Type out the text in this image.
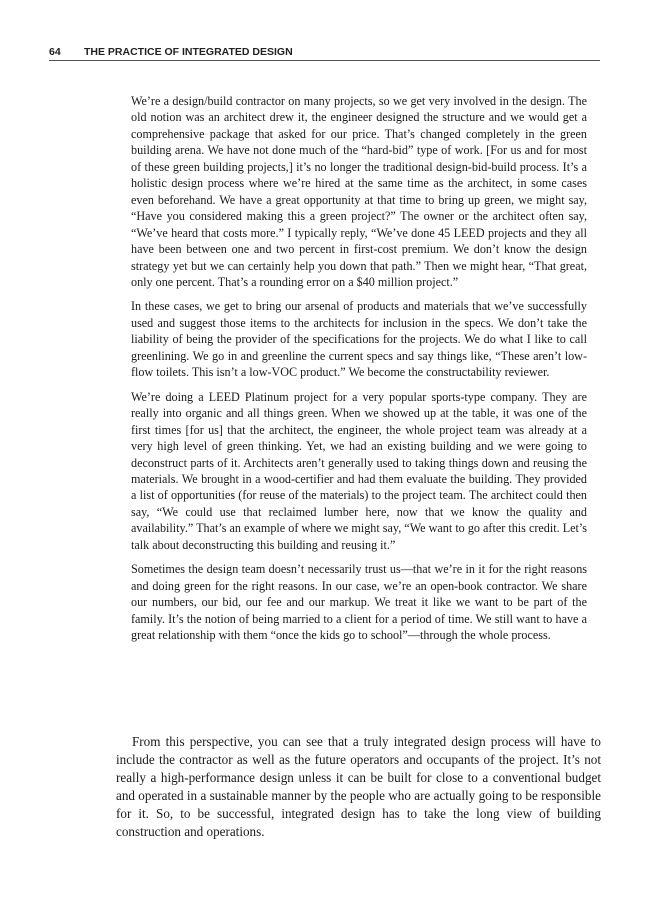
64 THE PRACTICE OF INTEGRATED DESIGN

We’re a design/build contractor on many projects, so we get very involved in the design. The old notion was an architect drew it, the engineer designed the structure and we would get a comprehensive package that asked for our price. That’s changed completely in the green building arena. We have not done much of the “hard-bid” type of work. [For us and for most of these green building projects,] it’s no longer the traditional design-bid-build process. It’s a holistic design process where we’re hired at the same time as the architect, in some cases even beforehand. We have a great opportunity at that time to bring up green, we might say, “Have you considered making this a green project?” The owner or the architect often say, “We’ve heard that costs more.” I typically reply, “We’ve done 45 LEED projects and they all have been between one and two percent in first-cost premium. We don’t know the design strategy yet but we can certainly help you down that path.” Then we might hear, “That great, only one percent. That’s a rounding error on a $40 million project.”

In these cases, we get to bring our arsenal of products and materials that we’ve successfully used and suggest those items to the architects for inclusion in the specs. We don’t take the liability of being the provider of the specifications for the projects. We do what I like to call greenlining. We go in and greenline the current specs and say things like, “These aren’t low-flow toilets. This isn’t a low-VOC product.” We become the constructability reviewer.

We’re doing a LEED Platinum project for a very popular sports-type company. They are really into organic and all things green. When we showed up at the table, it was one of the first times [for us] that the architect, the engineer, the whole project team was already at a very high level of green thinking. Yet, we had an existing building and we were going to deconstruct parts of it. Architects aren’t generally used to taking things down and reusing the materials. We brought in a wood-certifier and had them evaluate the building. They provided a list of opportunities (for reuse of the materials) to the project team. The architect could then say, “We could use that reclaimed lumber here, now that we know the quality and availability.” That’s an example of where we might say, “We want to go after this credit. Let’s talk about deconstructing this building and reusing it.”

Sometimes the design team doesn’t necessarily trust us—that we’re in it for the right reasons and doing green for the right reasons. In our case, we’re an open-book contractor. We share our numbers, our bid, our fee and our markup. We treat it like we want to be part of the family. It’s the notion of being married to a client for a period of time. We still want to have a great relationship with them “once the kids go to school”—through the whole process.

From this perspective, you can see that a truly integrated design process will have to include the contractor as well as the future operators and occupants of the project. It’s not really a high-performance design unless it can be built for close to a conventional budget and operated in a sustainable manner by the people who are actually going to be responsible for it. So, to be successful, integrated design has to take the long view of building construction and operations.
